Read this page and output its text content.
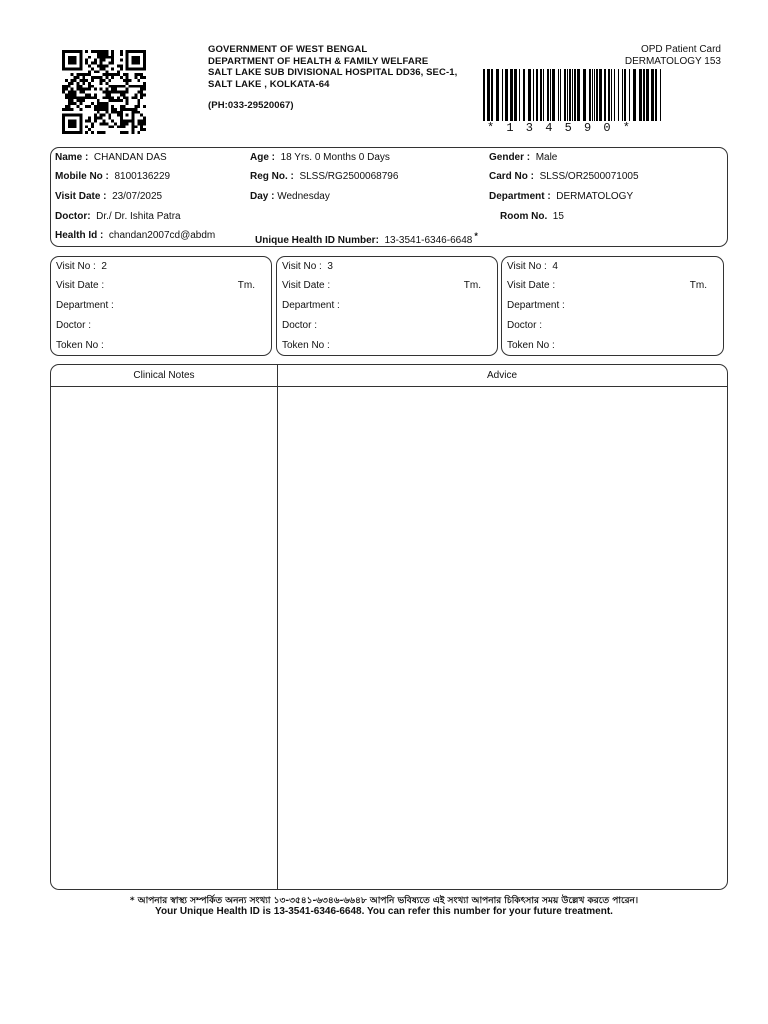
GOVERNMENT OF WEST BENGAL
DEPARTMENT OF HEALTH & FAMILY WELFARE
SALT LAKE SUB DIVISIONAL HOSPITAL DD36, SEC-1,
SALT LAKE , KOLKATA-64
(PH:033-29520067)
OPD Patient Card
DERMATOLOGY 153
*134590*
Name : CHANDAN DAS	Age : 18 Yrs. 0 Months 0 Days	Gender : Male
Mobile No : 8100136229	Reg No. : SLSS/RG2500068796	Card No : SLSS/OR2500071005
Visit Date : 23/07/2025	Day : Wednesday	Department : DERMATOLOGY
Doctor: Dr./ Dr. Ishita Patra	Room No. 15
Health Id : chandan2007cd@abdm	Unique Health ID Number: 13-3541-6346-6648 *
Visit No : 2
Visit Date :	Tm.
Department :
Doctor :
Token No :
Visit No : 3
Visit Date :	Tm.
Department :
Doctor :
Token No :
Visit No : 4
Visit Date :	Tm.
Department :
Doctor :
Token No :
Clinical Notes	Advice
* আপনার স্বাস্থ্য সম্পর্কিত অনন্য সংখ্যা ১৩-৩৫৪১-৬৩৪৬-৬৬৪৮ আপনি ভবিষ্যতে এই সংখ্যা আপনার চিকিৎসার সময় উল্লেখ করতে পারেন।
Your Unique Health ID is 13-3541-6346-6648. You can refer this number for your future treatment.
